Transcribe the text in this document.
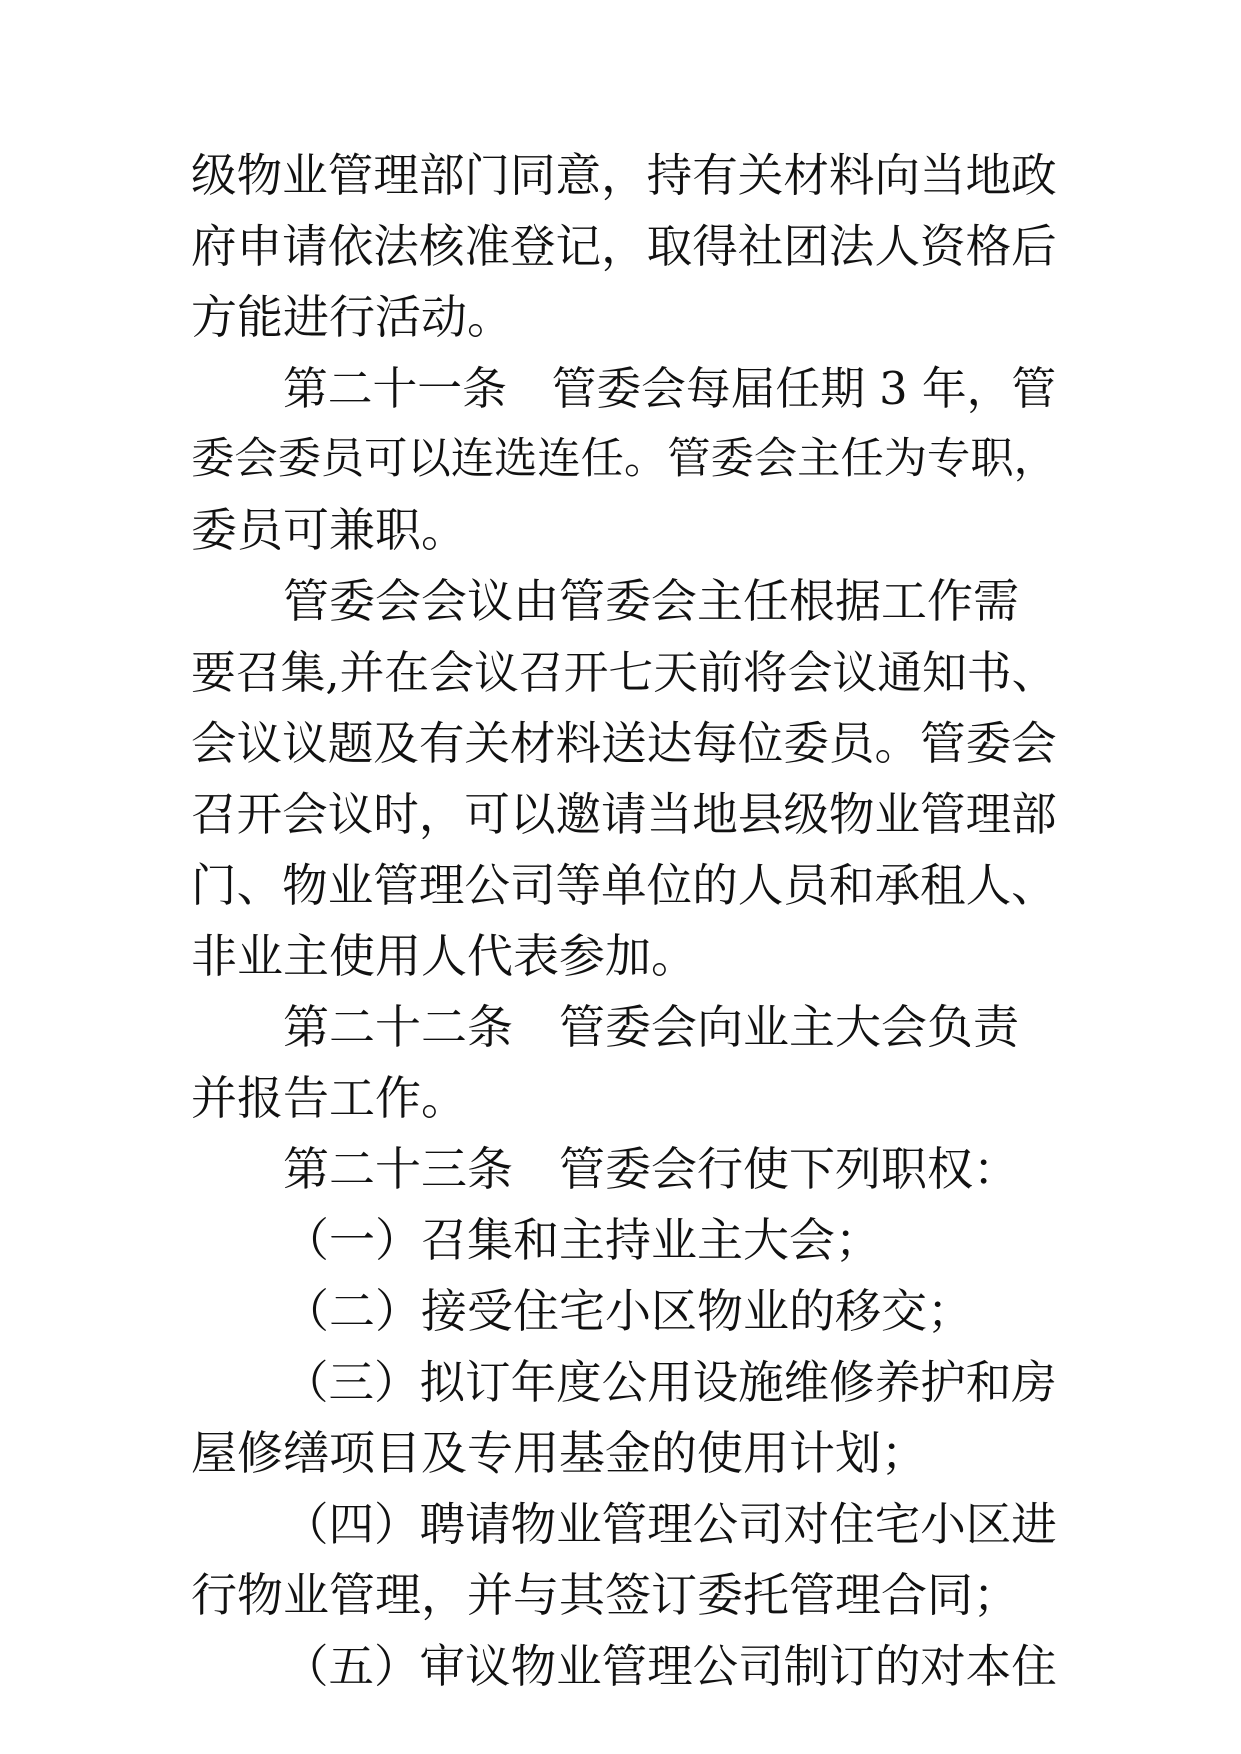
级物业管理部门同意，持有关材料向当地政
府申请依法核准登记，取得社团法人资格后
方能进行活动。
第二十一条　管委会每届任期 3 年，管
委会委员可以连选连任。管委会主任为专职，
委员可兼职。
管委会会议由管委会主任根据工作需
要召集,并在会议召开七天前将会议通知书、
会议议题及有关材料送达每位委员。管委会
召开会议时，可以邀请当地县级物业管理部
门、物业管理公司等单位的人员和承租人、
非业主使用人代表参加。
第二十二条　管委会向业主大会负责
并报告工作。
第二十三条　管委会行使下列职权：
（一）召集和主持业主大会；
（二）接受住宅小区物业的移交；
（三）拟订年度公用设施维修养护和房
屋修缮项目及专用基金的使用计划；
（四）聘请物业管理公司对住宅小区进
行物业管理，并与其签订委托管理合同；
（五）审议物业管理公司制订的对本住
